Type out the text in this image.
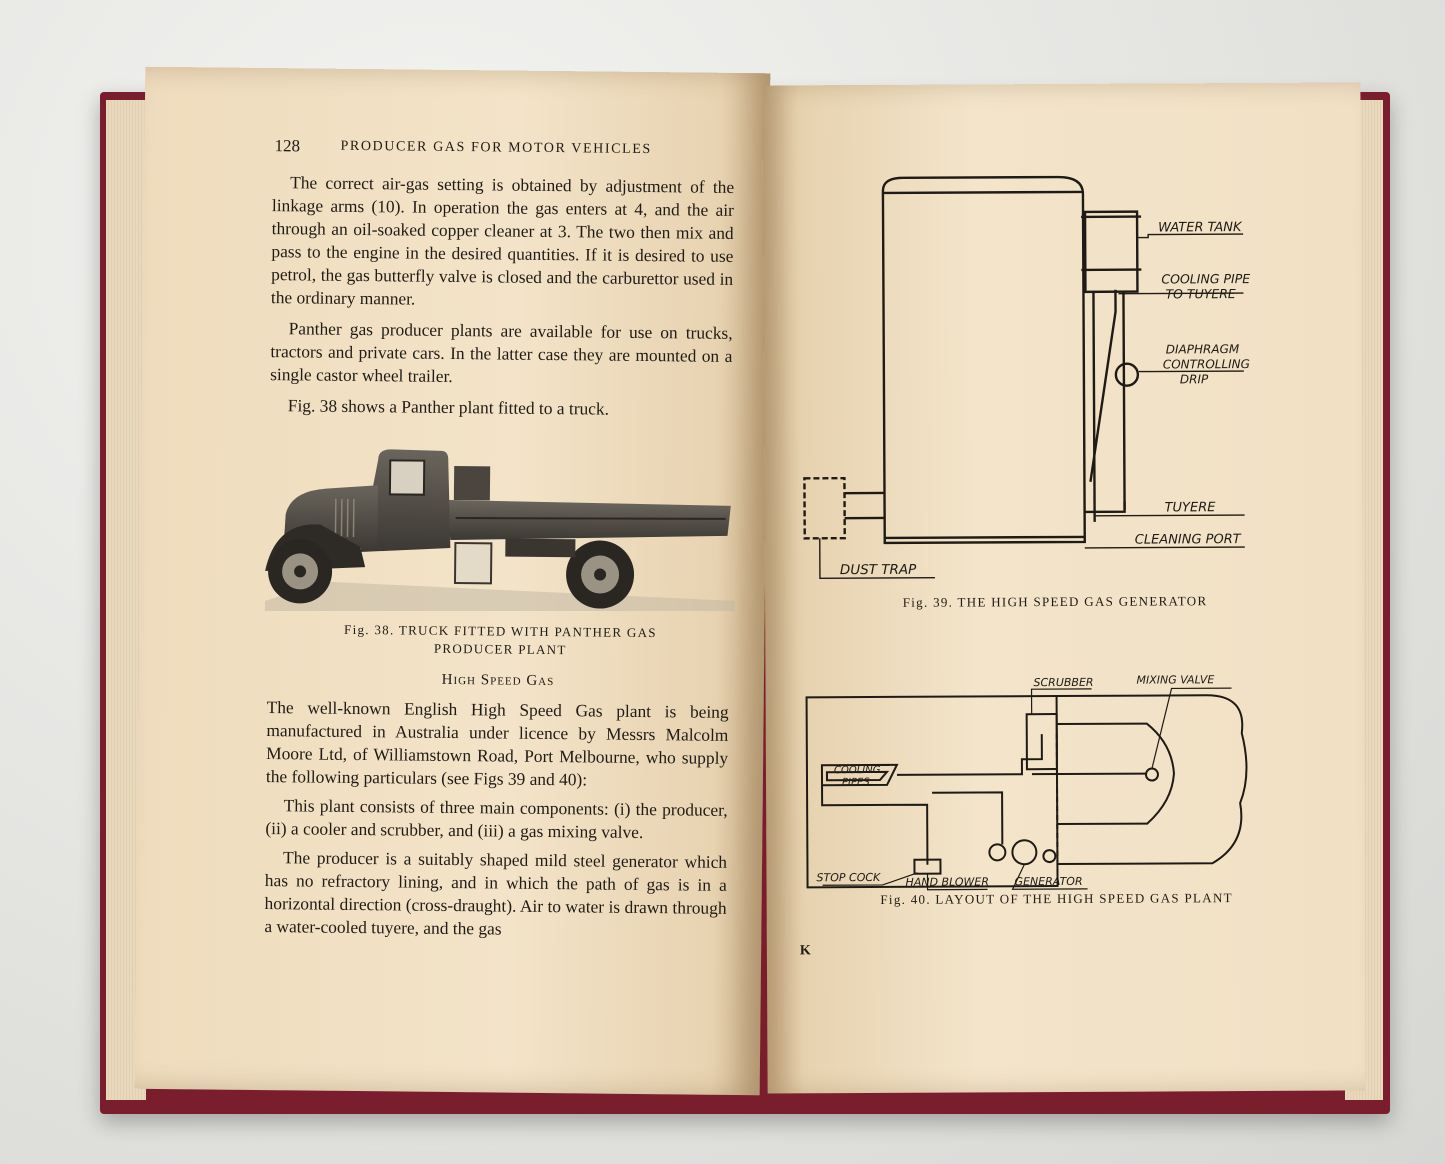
128	PRODUCER GAS FOR MOTOR VEHICLES

The correct air-gas setting is obtained by adjustment of the linkage arms (10). In operation the gas enters at 4, and the air through an oil-soaked copper cleaner at 3. The two then mix and pass to the engine in the desired quantities. If it is desired to use petrol, the gas butterfly valve is closed and the carburettor used in the ordinary manner.

Panther gas producer plants are available for use on trucks, tractors and private cars. In the latter case they are mounted on a single castor wheel trailer.

Fig. 38 shows a Panther plant fitted to a truck.

Fig. 38. TRUCK FITTED WITH PANTHER GAS
PRODUCER PLANT
High Speed Gas

The well-known English High Speed Gas plant is being manufactured in Australia under licence by Messrs Malcolm Moore Ltd, of Williamstown Road, Port Melbourne, who supply the following particulars (see Figs 39 and 40):

This plant consists of three main components: (i) the producer, (ii) a cooler and scrubber, and (iii) a gas mixing valve.

The producer is a suitably shaped mild steel generator which has no refractory lining, and in which the path of gas is in a horizontal direction (cross-draught). Air to water is drawn through a water-cooled tuyere, and the gas

WATER TANK
COOLING PIPE
TO TUYERE
DIAPHRAGM
CONTROLLING
DRIP
TUYERE
CLEANING PORT
DUST TRAP
Fig. 39. THE HIGH SPEED GAS GENERATOR
SCRUBBER	MIXING VALVE
COOLING
PIPES
STOP COCK HAND BLOWER GENERATOR
Fig. 40. LAYOUT OF THE HIGH SPEED GAS PLANT
K
